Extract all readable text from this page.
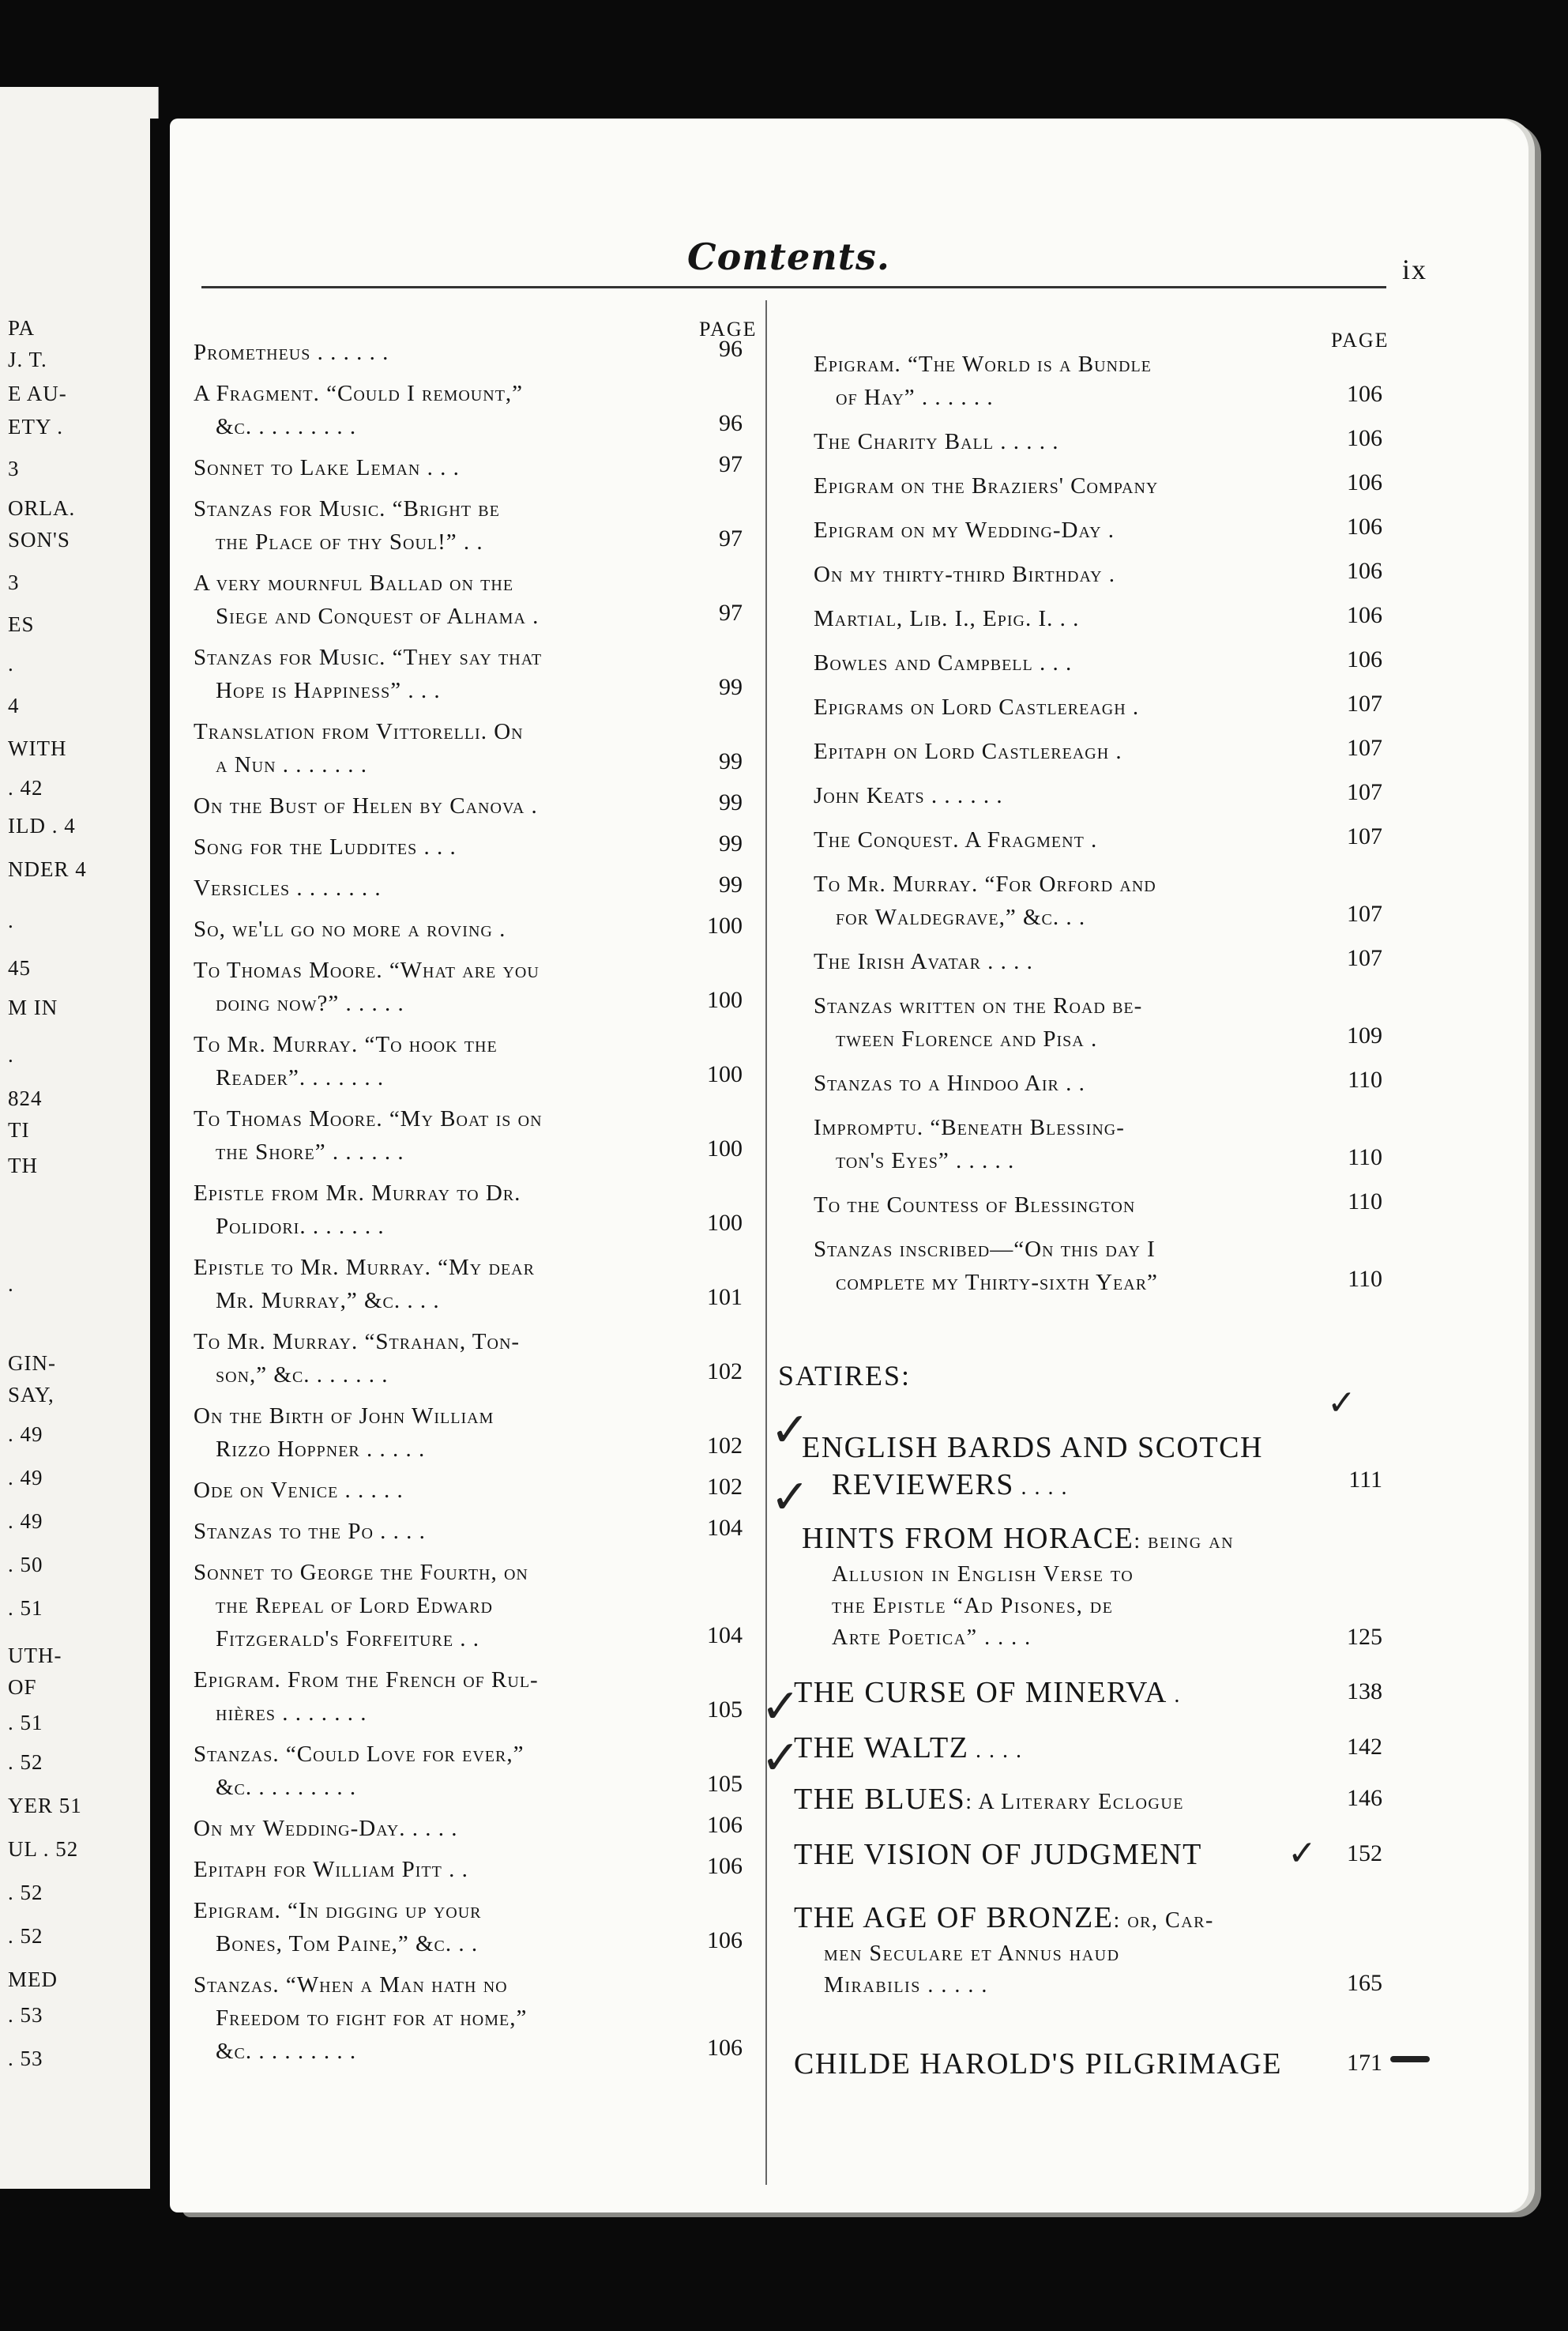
PA
J. T.
E AU-
ETY .
3
ORLA.
SON'S
3
ES
.
4
WITH
. 42
ILD . 4
NDER 4
.
45
M IN
.
824
TI
TH
.
GIN-
SAY,
. 49
. 49
. 49
. 50
. 51
UTH-
OF
. 51
. 52
YER 51
UL . 52
. 52
. 52
MED
. 53
. 53
Contents.	ix
PAGE	PAGE
SATIRES:
✓
✓
✓
✓
✓
✓
Prometheus . . . . . .	96
A Fragment. “Could I remount,”
&c. . . . . . . . .	96
Sonnet to Lake Leman . . .	97
Stanzas for Music. “Bright be
the Place of thy Soul!” . .	97
A very mournful Ballad on the
Siege and Conquest of Alhama .	97
Stanzas for Music. “They say that
Hope is Happiness” . . .	99
Translation from Vittorelli. On
a Nun . . . . . . .	99
On the Bust of Helen by Canova .	99
Song for the Luddites . . .	99
Versicles . . . . . . .	99
So, we'll go no more a roving .	100
To Thomas Moore. “What are you
doing now?” . . . . .	100
To Mr. Murray. “To hook the
Reader”. . . . . . .	100
To Thomas Moore. “My Boat is on
the Shore” . . . . . .	100
Epistle from Mr. Murray to Dr.
Polidori. . . . . . .	100
Epistle to Mr. Murray. “My dear
Mr. Murray,” &c. . . .	101
To Mr. Murray. “Strahan, Ton-
son,” &c. . . . . . .	102
On the Birth of John William
Rizzo Hoppner . . . . .	102
Ode on Venice . . . . .	102
Stanzas to the Po . . . .	104
Sonnet to George the Fourth, on
the Repeal of Lord Edward
Fitzgerald's Forfeiture . .	104
Epigram. From the French of Rul-
hières . . . . . . .	105
Stanzas. “Could Love for ever,”
&c. . . . . . . . .	105
On my Wedding-Day. . . . .	106
Epitaph for William Pitt . .	106
Epigram. “In digging up your
Bones, Tom Paine,” &c. . .	106
Stanzas. “When a Man hath no
Freedom to fight for at home,”
&c. . . . . . . . .	106
Epigram. “The World is a Bundle
of Hay” . . . . . .	106
The Charity Ball . . . . .	106
Epigram on the Braziers' Company	106
Epigram on my Wedding-Day .	106
On my thirty-third Birthday .	106
Martial, Lib. I., Epig. I. . .	106
Bowles and Campbell . . .	106
Epigrams on Lord Castlereagh .	107
Epitaph on Lord Castlereagh .	107
John Keats . . . . . .	107
The Conquest. A Fragment .	107
To Mr. Murray. “For Orford and
for Waldegrave,” &c. . .	107
The Irish Avatar . . . .	107
Stanzas written on the Road be-
tween Florence and Pisa .	109
Stanzas to a Hindoo Air . .	110
Impromptu. “Beneath Blessing-
ton's Eyes” . . . . .	110
To the Countess of Blessington	110
Stanzas inscribed—“On this day I
complete my Thirty-sixth Year”	110
ENGLISH BARDS AND SCOTCH
REVIEWERS . . . .	111
HINTS FROM HORACE: being an
Allusion in English Verse to
the Epistle “Ad Pisones, de
Arte Poetica” . . . .	125
THE CURSE OF MINERVA .	138
THE WALTZ . . . .	142
THE BLUES: A Literary Eclogue	146
THE VISION OF JUDGMENT	152
THE AGE OF BRONZE: or, Car-
men Seculare et Annus haud
Mirabilis . . . . .	165
CHILDE HAROLD'S PILGRIMAGE	171
